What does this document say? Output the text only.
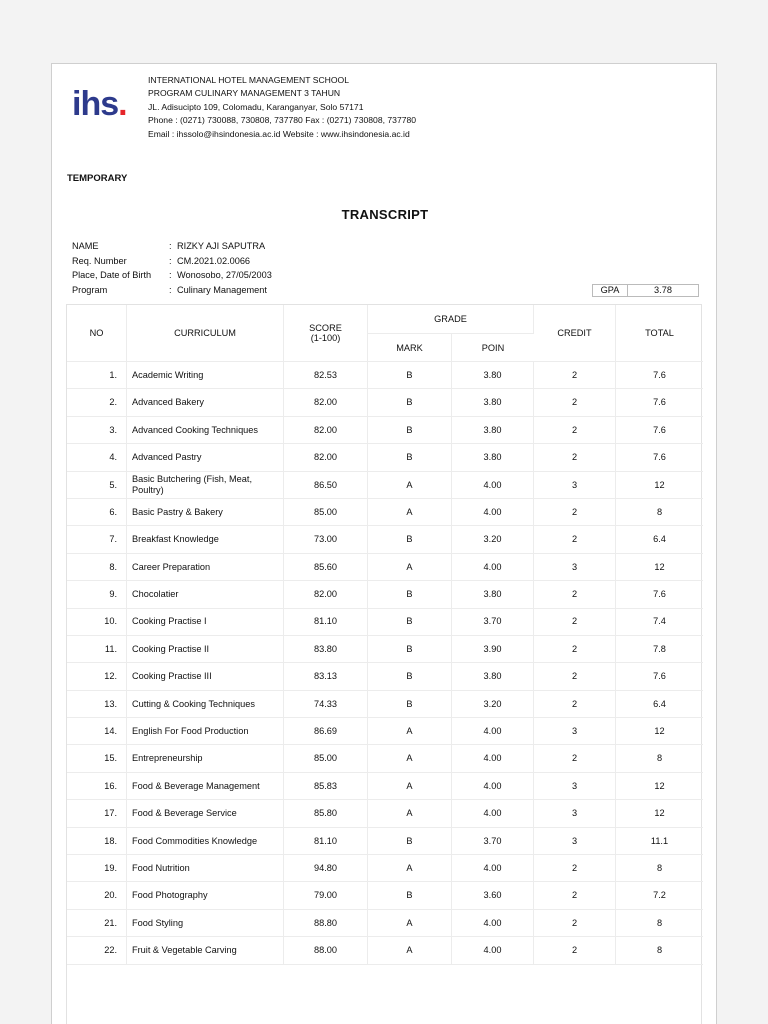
ihs.
INTERNATIONAL HOTEL MANAGEMENT SCHOOL
PROGRAM CULINARY MANAGEMENT 3 TAHUN
JL. Adisucipto 109, Colomadu, Karanganyar, Solo 57171
Phone : (0271) 730088, 730808, 737780 Fax : (0271) 730808, 737780
Email : ihssolo@ihsindonesia.ac.id Website : www.ihsindonesia.ac.id
TEMPORARY
TRANSCRIPT
NAME	: RIZKY AJI SAPUTRA
Req. Number	: CM.2021.02.0066
Place, Date of Birth	: Wonosobo, 27/05/2003
Program	: Culinary Management	GPA	3.78
NO	CURRICULUM	SCORE
(1-100)	GRADE		CREDIT	TOTAL
			MARK	POIN		
1.	Academic Writing	82.53	B	3.80	2	7.6
2.	Advanced Bakery	82.00	B	3.80	2	7.6
3.	Advanced Cooking Techniques	82.00	B	3.80	2	7.6
4.	Advanced Pastry	82.00	B	3.80	2	7.6
5.	Basic Butchering (Fish, Meat, Poultry)	86.50	A	4.00	3	12
6.	Basic Pastry & Bakery	85.00	A	4.00	2	8
7.	Breakfast Knowledge	73.00	B	3.20	2	6.4
8.	Career Preparation	85.60	A	4.00	3	12
9.	Chocolatier	82.00	B	3.80	2	7.6
10.	Cooking Practise I	81.10	B	3.70	2	7.4
11.	Cooking Practise II	83.80	B	3.90	2	7.8
12.	Cooking Practise III	83.13	B	3.80	2	7.6
13.	Cutting & Cooking Techniques	74.33	B	3.20	2	6.4
14.	English For Food Production	86.69	A	4.00	3	12
15.	Entrepreneurship	85.00	A	4.00	2	8
16.	Food & Beverage Management	85.83	A	4.00	3	12
17.	Food & Beverage Service	85.80	A	4.00	3	12
18.	Food Commodities Knowledge	81.10	B	3.70	3	11.1
19.	Food Nutrition	94.80	A	4.00	2	8
20.	Food Photography	79.00	B	3.60	2	7.2
21.	Food Styling	88.80	A	4.00	2	8
22.	Fruit & Vegetable Carving	88.00	A	4.00	2	8
